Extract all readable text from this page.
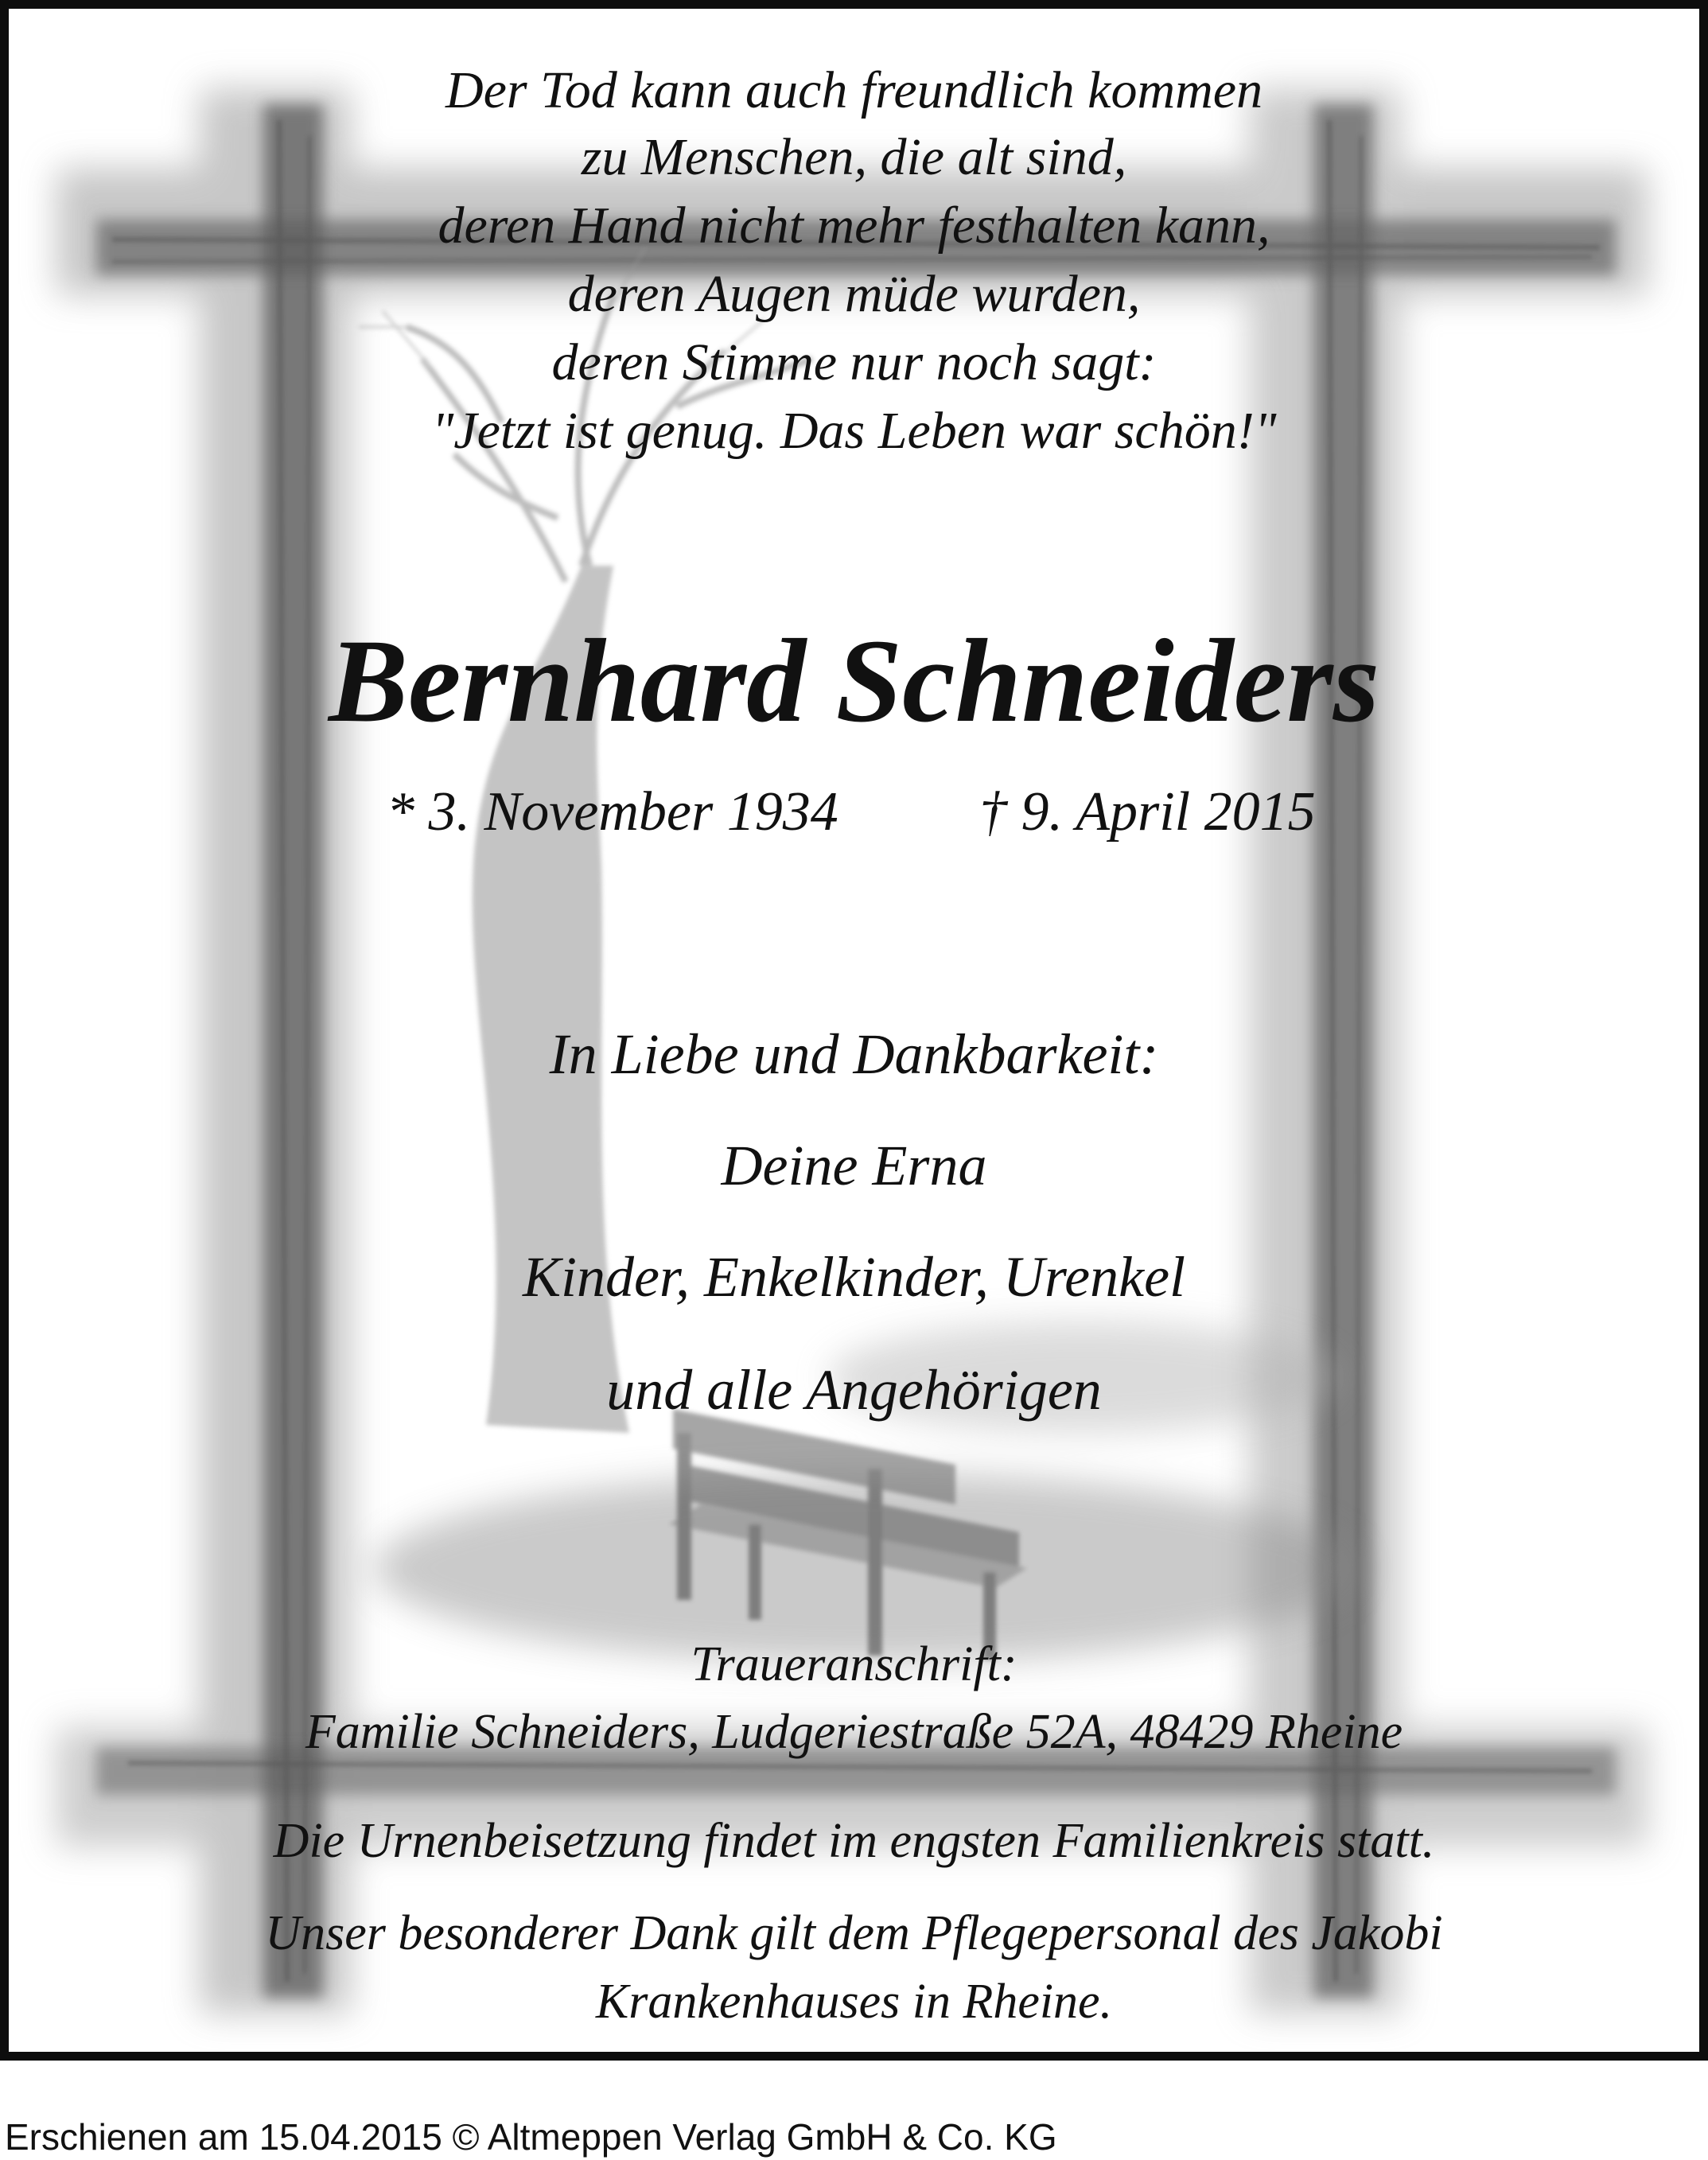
Der Tod kann auch freundlich kommen
zu Menschen, die alt sind,
deren Hand nicht mehr festhalten kann,
deren Augen müde wurden,
deren Stimme nur noch sagt:
"Jetzt ist genug. Das Leben war schön!"
Bernhard Schneiders
* 3. November 1934	† 9. April 2015
In Liebe und Dankbarkeit:
Deine Erna
Kinder, Enkelkinder, Urenkel
und alle Angehörigen
Traueranschrift:
Familie Schneiders, Ludgeriestraße 52A, 48429 Rheine
Die Urnenbeisetzung findet im engsten Familienkreis statt.
Unser besonderer Dank gilt dem Pflegepersonal des Jakobi
Krankenhauses in Rheine.
Erschienen am 15.04.2015 © Altmeppen Verlag GmbH & Co. KG
